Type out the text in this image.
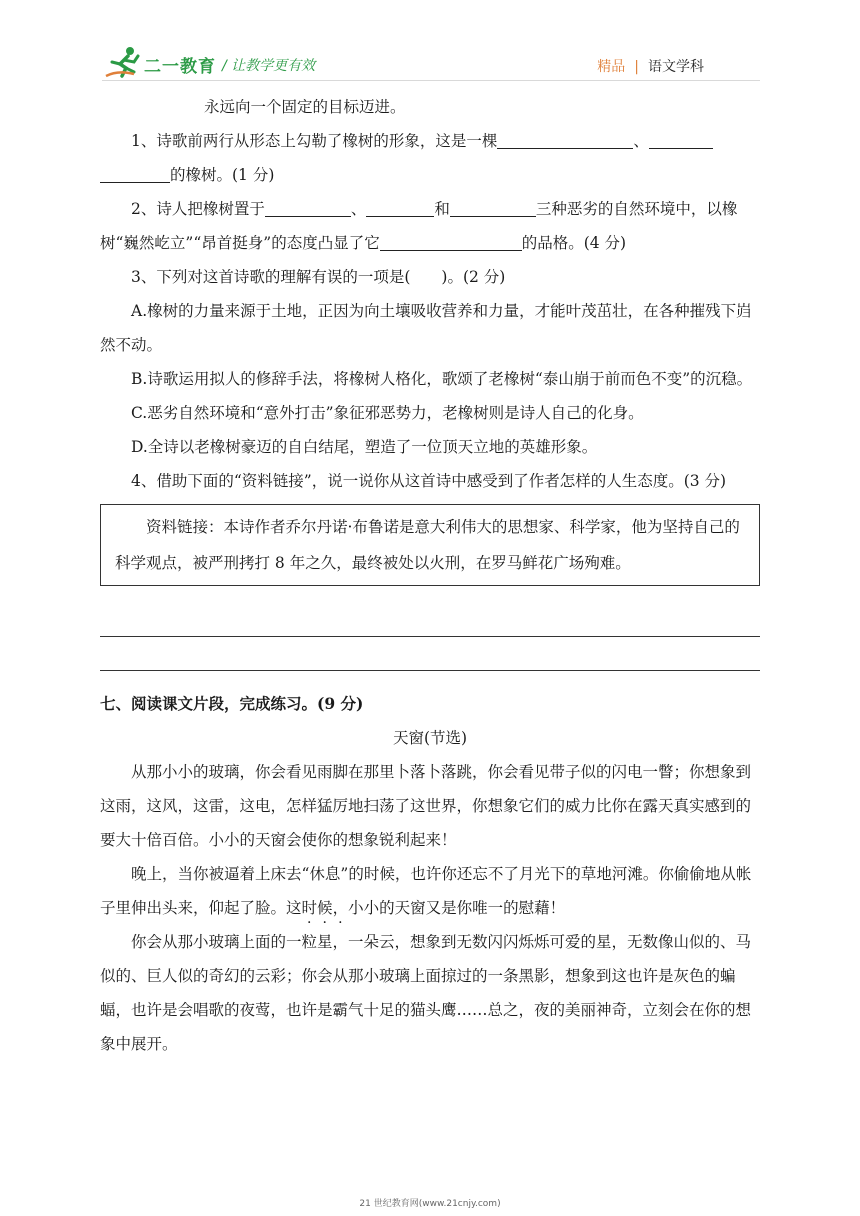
二一教育 / 让教学更有效	精品 | 语文学科

永远向一个固定的目标迈进。

1、诗歌前两行从形态上勾勒了橡树的形象，这是一棵	、
的橡树。(1 分)

2、诗人把橡树置于	、	和	三种恶劣的自然环境中，以橡树“巍然屹立”“昂首挺身”的态度凸显了它	的品格。(4 分)

3、下列对这首诗歌的理解有误的一项是(　　)。(2 分)

A.橡树的力量来源于土地，正因为向土壤吸收营养和力量，才能叶茂茁壮，在各种摧残下岿然不动。

B.诗歌运用拟人的修辞手法，将橡树人格化，歌颂了老橡树“泰山崩于前而色不变”的沉稳。

C.恶劣自然环境和“意外打击”象征邪恶势力，老橡树则是诗人自己的化身。

D.全诗以老橡树豪迈的自白结尾，塑造了一位顶天立地的英雄形象。

4、借助下面的“资料链接”，说一说你从这首诗中感受到了作者怎样的人生态度。(3 分)

资料链接：本诗作者乔尔丹诺·布鲁诺是意大利伟大的思想家、科学家，他为坚持自己的科学观点，被严刑拷打 8 年之久，最终被处以火刑，在罗马鲜花广场殉难。

七、阅读课文片段，完成练习。(9 分)

天窗(节选)

从那小小的玻璃，你会看见雨脚在那里卜落卜落跳，你会看见带子似的闪电一瞥；你想象到这雨，这风，这雷，这电，怎样猛厉地扫荡了这世界，你想象它们的威力比你在露天真实感到的要大十倍百倍。小小的天窗会使你的想象锐利起来！

晚上，当你被逼着上床去“休息”的时候，也许你还忘不了月光下的草地河滩。你偷偷地从帐子里伸出头来，仰起了脸。这时候，小小的天窗又是你唯一的慰藉！

你会从那小玻璃上面的一粒星，一朵云，想象到无数闪闪烁烁可爱的星，无数像山似的、马似的、巨人似的奇幻的云彩；你会从那小玻璃上面掠过的一条黑影，想象到这也许是灰色的蝙蝠，也许是会唱歌的夜莺，也许是霸气十足的猫头鹰……总之，夜的美丽神奇，立刻会在你的想象中展开。

21 世纪教育网(www.21cnjy.com)
